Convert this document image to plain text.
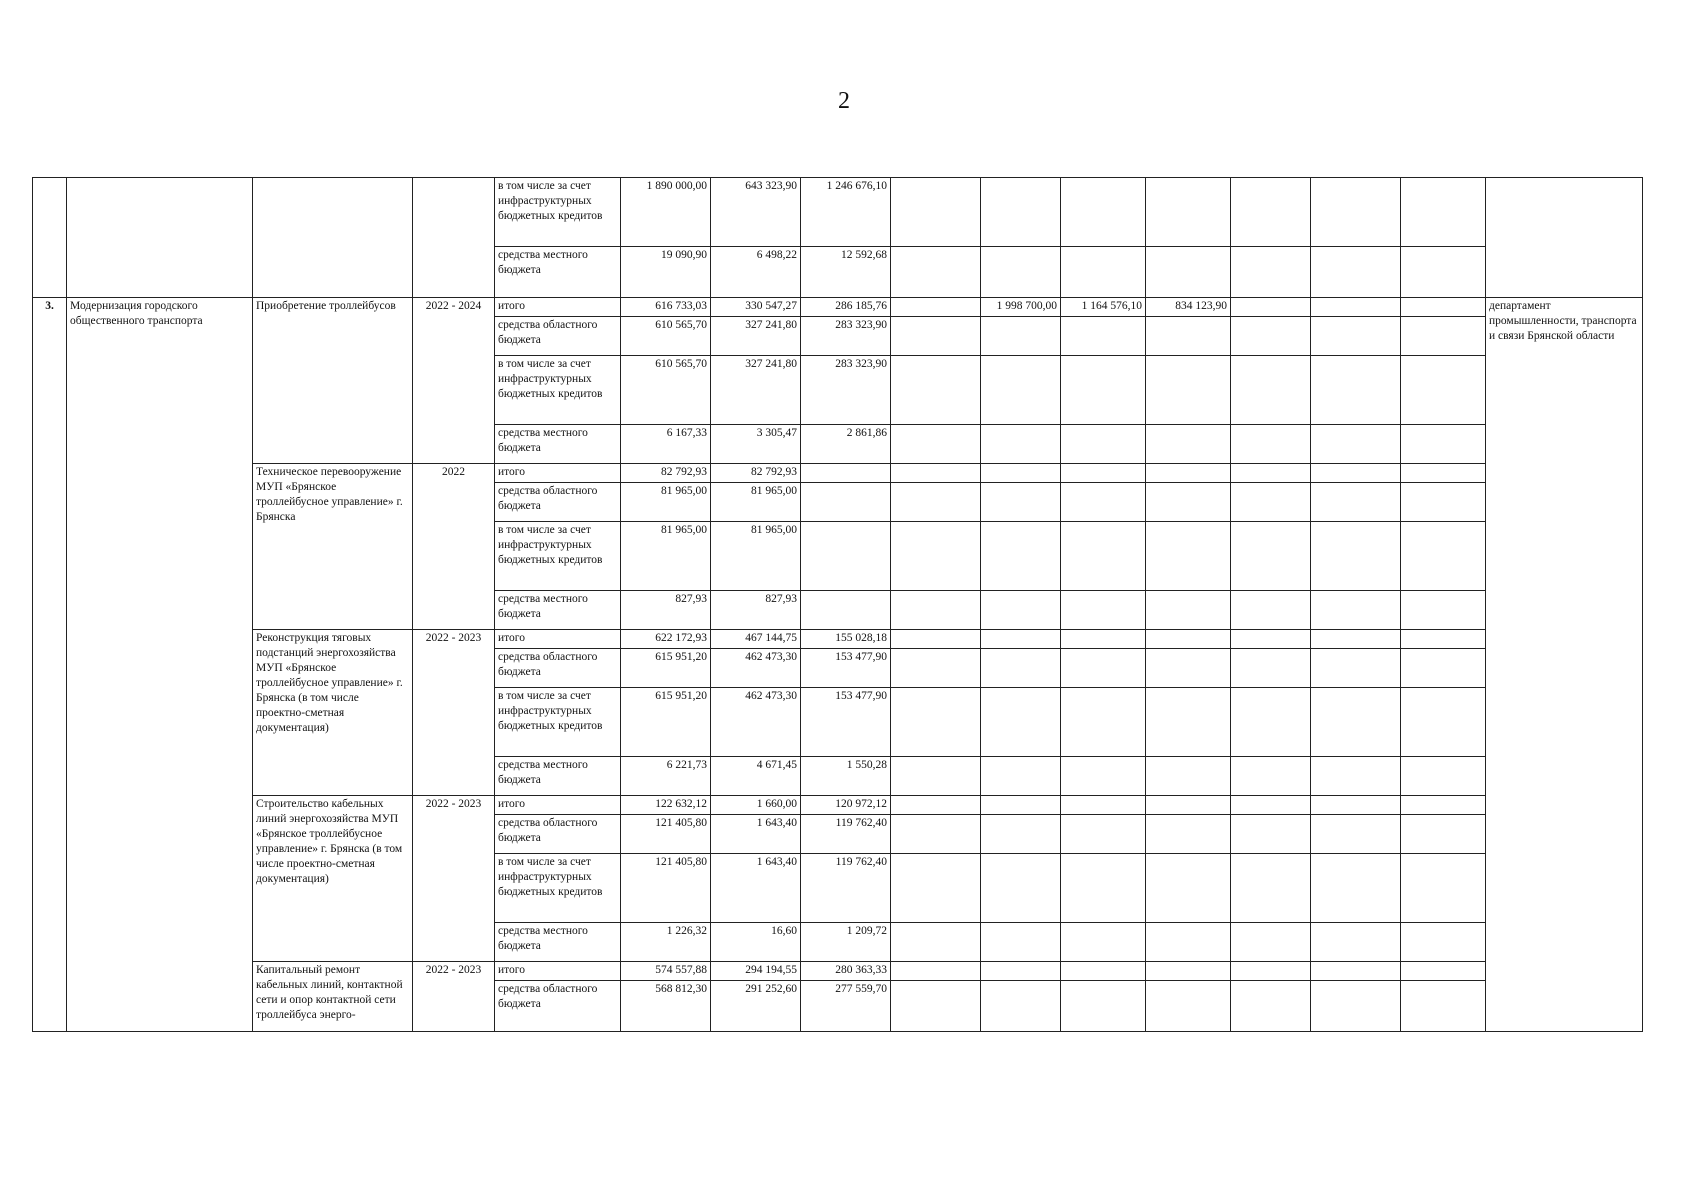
2
				в том числе за счет инфраструктурных бюджетных кредитов	1 890 000,00	643 323,90	1 246 676,10								
				средства местного бюджета	19 090,90	6 498,22	12 592,68								
3.	Модернизация городского общественного транспорта	Приобретение троллейбусов	2022 - 2024	итого	616 733,03	330 547,27	286 185,76		1 998 700,00	1 164 576,10	834 123,90				департамент промышленности, транспорта и связи Брянской области
				средства областного бюджета	610 565,70	327 241,80	283 323,90								
				в том числе за счет инфраструктурных бюджетных кредитов	610 565,70	327 241,80	283 323,90								
				средства местного бюджета	6 167,33	3 305,47	2 861,86								
		Техническое перевооружение МУП «Брянское троллейбусное управление» г. Брянска	2022	итого	82 792,93	82 792,93									
				средства областного бюджета	81 965,00	81 965,00									
				в том числе за счет инфраструктурных бюджетных кредитов	81 965,00	81 965,00									
				средства местного бюджета	827,93	827,93									
		Реконструкция тяговых подстанций энергохозяйства МУП «Брянское троллейбусное управление» г. Брянска (в том числе проектно-сметная документация)	2022 - 2023	итого	622 172,93	467 144,75	155 028,18								
				средства областного бюджета	615 951,20	462 473,30	153 477,90								
				в том числе за счет инфраструктурных бюджетных кредитов	615 951,20	462 473,30	153 477,90								
				средства местного бюджета	6 221,73	4 671,45	1 550,28								
		Строительство кабельных линий энергохозяйства МУП «Брянское троллейбусное управление» г. Брянска (в том числе проектно-сметная документация)	2022 - 2023	итого	122 632,12	1 660,00	120 972,12								
				средства областного бюджета	121 405,80	1 643,40	119 762,40								
				в том числе за счет инфраструктурных бюджетных кредитов	121 405,80	1 643,40	119 762,40								
				средства местного бюджета	1 226,32	16,60	1 209,72								
		Капитальный ремонт кабельных линий, контактной сети и опор контактной сети троллейбуса энерго-	2022 - 2023	итого	574 557,88	294 194,55	280 363,33								
				средства областного бюджета	568 812,30	291 252,60	277 559,70								
